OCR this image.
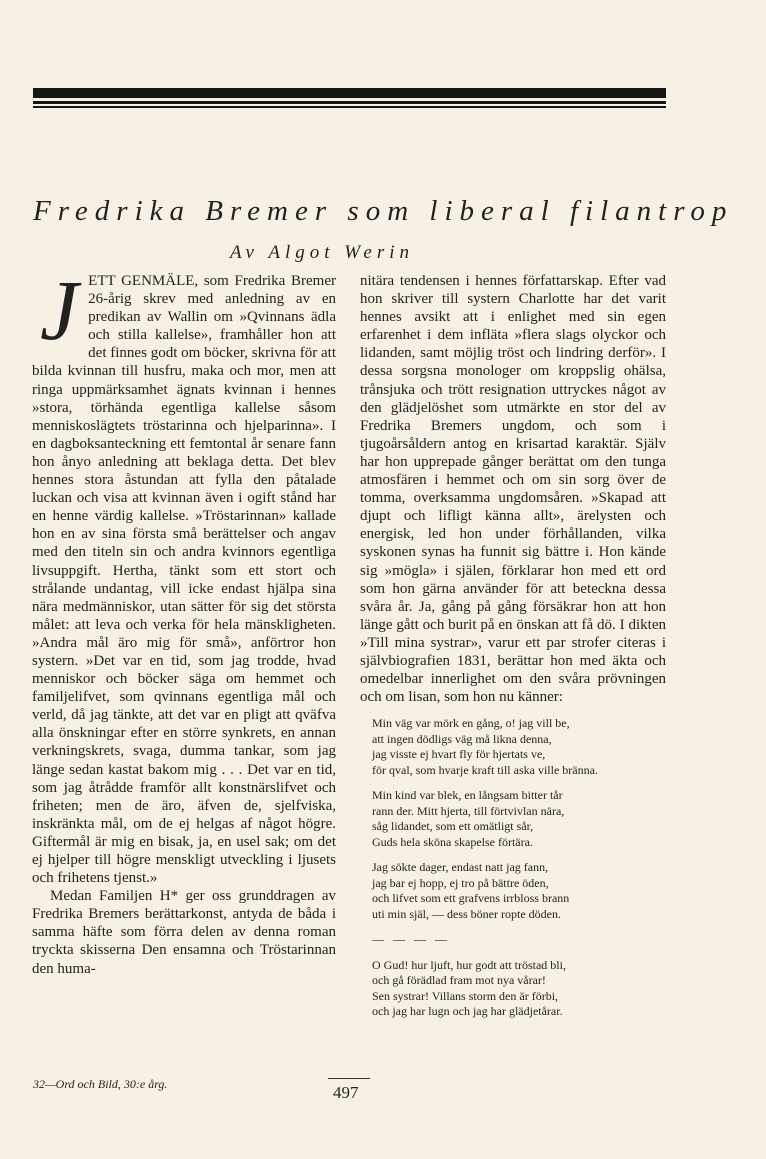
Fredrika Bremer som liberal filantrop
Av Algot Werin
J ETT GENMÄLE, som Fredrika Bremer 26-årig skrev med anledning av en predikan av Wallin om »Qvinnans ädla och stilla kallelse», framhåller hon att det finnes godt om böcker, skrivna för att bilda kvinnan till husfru, maka och mor, men att ringa uppmärksamhet ägnats kvinnan i hennes »stora, törhända egentliga kallelse såsom menniskoslägtets tröstarinna och hjelparinna». I en dagboksanteckning ett femtontal år senare fann hon ånyo anledning att beklaga detta. Det blev hennes stora åstundan att fylla den påtalade luckan och visa att kvinnan även i ogift stånd har en henne värdig kallelse. »Tröstarinnan» kallade hon en av sina första små berättelser och angav med den titeln sin och andra kvinnors egentliga livsuppgift. Hertha, tänkt som ett stort och strålande undantag, vill icke endast hjälpa sina nära medmänniskor, utan sätter för sig det största målet: att leva och verka för hela mänskligheten. »Andra mål äro mig för små», anförtror hon systern. »Det var en tid, som jag trodde, hvad menniskor och böcker säga om hemmet och familjelifvet, som qvinnans egentliga mål och verld, då jag tänkte, att det var en pligt att qväfva alla önskningar efter en större synkrets, en annan verkningskrets, svaga, dumma tankar, som jag länge sedan kastat bakom mig . . . Det var en tid, som jag åtrådde framför allt konstnärslifvet och friheten; men de äro, äfven de, sjelfviska, inskränkta mål, om de ej helgas af något högre. Giftermål är mig en bisak, ja, en usel sak; om det ej hjelper till högre menskligt utveckling i ljusets och frihetens tjenst.»

Medan Familjen H* ger oss grunddragen av Fredrika Bremers berättarkonst, antyda de båda i samma häfte som förra delen av denna roman tryckta skisserna Den ensamna och Tröstarinnan den huma-

nitära tendensen i hennes författarskap. Efter vad hon skriver till systern Charlotte har det varit hennes avsikt att i enlighet med sin egen erfarenhet i dem infläta »flera slags olyckor och lidanden, samt möjlig tröst och lindring derför». I dessa sorgsna monologer om kroppslig ohälsa, trånsjuka och trött resignation uttryckes något av den glädjelöshet som utmärkte en stor del av Fredrika Bremers ungdom, och som i tjugoårsåldern antog en krisartad karaktär. Själv har hon upprepade gånger berättat om den tunga atmosfären i hemmet och om sin sorg över de tomma, overksamma ungdomsåren. »Skapad att djupt och lifligt känna allt», ärelysten och energisk, led hon under förhållanden, vilka syskonen synas ha funnit sig bättre i. Hon kände sig »mögla» i själen, förklarar hon med ett ord som hon gärna använder för att beteckna dessa svåra år. Ja, gång på gång försäkrar hon att hon länge gått och burit på en önskan att få dö. I dikten »Till mina systrar», varur ett par strofer citeras i självbiografien 1831, berättar hon med äkta och omedelbar innerlighet om den svåra prövningen och om lisan, som hon nu känner:

Min väg var mörk en gång, o! jag vill be,
att ingen dödligs väg må likna denna,
jag visste ej hvart fly för hjertats ve,
för qval, som hvarje kraft till aska ville bränna.
Min kind var blek, en långsam bitter tår
rann der. Mitt hjerta, till förtvivlan nära,
såg lidandet, som ett omätligt sår,
Guds hela sköna skapelse förtära.
Jag sökte dager, endast natt jag fann,
jag bar ej hopp, ej tro på bättre öden,
och lifvet som ett grafvens irrbloss brann
uti min själ, — dess böner ropte döden.
— — — —
O Gud! hur ljuft, hur godt att tröstad bli,
och gå förädlad fram mot nya vårar!
Sen systrar! Villans storm den är förbi,
och jag har lugn och jag har glädjetårar.
32—Ord och Bild, 30:e årg.	497
